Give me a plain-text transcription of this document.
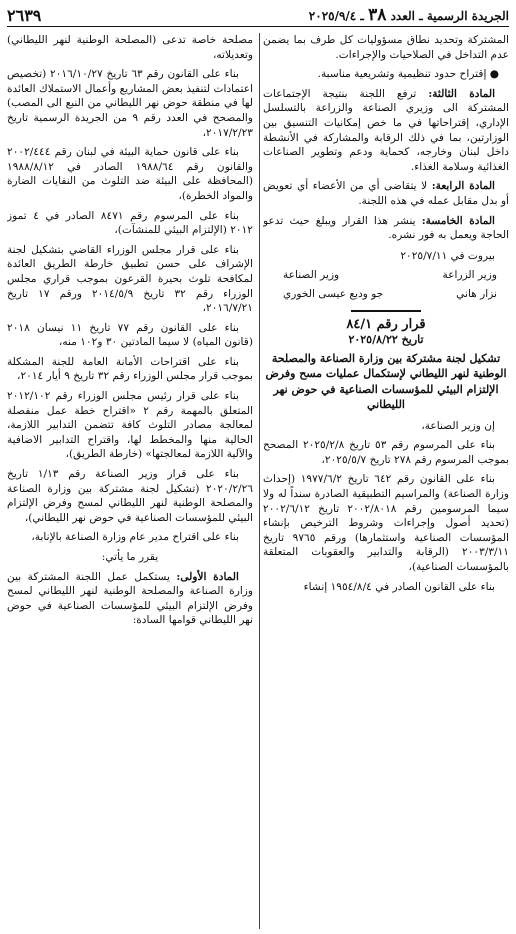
الجريدة الرسمية ـ العدد ٣٨ ـ ٢٠٢٥/٩/٤
٢٦٣٩

المشتركة وتحديد نطاق مسؤوليات كل طرف بما يضمن عدم التداخل في الصلاحيات والإجراءات.

● إقتراح حدود تنظيمية وتشريعية مناسبة.

المادة الثالثة: ترفع اللجنة بنتيجة الإجتماعات المشتركة الى وزيري الصناعة والزراعة بالتسلسل الإداري، إقتراحاتها في ما خص إمكانيات التنسيق بين الوزارتين، بما في ذلك الرقابة والمشاركة في الأنشطة داخل لبنان وخارجه، كحماية ودعم وتطوير الصناعات الغذائية وسلامة الغذاء.

المادة الرابعة: لا يتقاضى أي من الأعضاء أي تعويض أو بدل مقابل عمله في هذه اللجنة.

المادة الخامسة: ينشر هذا القرار ويبلغ حيث تدعو الحاجة ويعمل به فور نشره.

بيروت في ٢٠٢٥/٧/١١

وزير الزراعة
وزير الصناعة
نزار هاني
جو وديع عيسى الخوري
قرار رقم ٨٤/١
تاريخ ٢٠٢٥/٨/٢٢
تشكيل لجنة مشتركة بين وزارة الصناعة والمصلحة الوطنية لنهر الليطاني لإستكمال عمليات مسح وفرض الإلتزام البيئي للمؤسسات الصناعية في حوض نهر الليطاني

إن وزير الصناعة،

بناء على المرسوم رقم ٥٣ تاريخ ٢٠٢٥/٢/٨ المصحح بموجب المرسوم رقم ٢٧٨ تاريخ ٢٠٢٥/٥/٧،

بناء على القانون رقم ٦٤٢ تاريخ ١٩٧٧/٦/٢ (إحداث وزارة الصناعة) والمراسيم التطبيقية الصادرة سنداً له ولا سيما المرسومين رقم ٢٠٠٢/٨٠١٨ تاريخ ٢٠٠٢/٦/١٢ (تحديد أصول وإجراءات وشروط الترخيص بإنشاء المؤسسات الصناعية واستثمارها) ورقم ٩٧٦٥ تاريخ ٢٠٠٣/٣/١١ (الرقابة والتدابير والعقوبات المتعلقة بالمؤسسات الصناعية)،

بناء على القانون الصادر في ١٩٥٤/٨/٤ إنشاء

مصلحة خاصة تدعى (المصلحة الوطنية لنهر الليطاني) وتعديلاته،

بناء على القانون رقم ٦٣ تاريخ ٢٠١٦/١٠/٢٧ (تخصيص اعتمادات لتنفيذ بعض المشاريع وأعمال الاستملاك العائدة لها في منطقة حوض نهر الليطاني من النبع الى المصب) والمصحح في العدد رقم ٩ من الجريدة الرسمية تاريخ ٢٠١٧/٢/٢٣،

بناء على قانون حماية البيئة في لبنان رقم ٢٠٠٢/٤٤٤ والقانون رقم ١٩٨٨/٦٤ الصادر في ١٩٨٨/٨/١٢ (المحافظة على البيئة ضد التلوث من النفايات الضارة والمواد الخطرة)،

بناء على المرسوم رقم ٨٤٧١ الصادر في ٤ تموز ٢٠١٢ (الإلتزام البيئي للمنشآت)،

بناء على قرار مجلس الوزراء القاضي بتشكيل لجنة الإشراف على حسن تطبيق خارطة الطريق العائدة لمكافحة تلوث بحيرة القرعون بموجب قراري مجلس الوزراء رقم ٣٢ تاريخ ٢٠١٤/٥/٩ ورقم ١٧ تاريخ ٢٠١٦/٧/٢١،

بناء على القانون رقم ٧٧ تاريخ ١١ نيسان ٢٠١٨ (قانون المياه) لا سيما المادتين ٣٠ و١٠٢ منه،

بناء على اقتراحات الأمانة العامة للجنة المشكلة بموجب قرار مجلس الوزراء رقم ٣٢ تاريخ ٩ أيار ٢٠١٤،

بناء على قرار رئيس مجلس الوزراء رقم ٢٠١٢/١٠٢ المتعلق بالمهمة رقم ٢ «اقتراح خطة عمل منفصلة لمعالجة مصادر التلوث كافة تتضمن التدابير اللازمة، الحالية منها والمخطط لها، واقتراح التدابير الاضافية والآلية اللازمة لمعالجتها» (خارطة الطريق)،

بناء على قرار وزير الصناعة رقم ١/١٣ تاريخ ٢٠٢٠/٢/٢٦ (تشكيل لجنة مشتركة بين وزارة الصناعة والمصلحة الوطنية لنهر الليطاني لمسح وفرض الإلتزام البيئي للمؤسسات الصناعية في حوض نهر الليطاني)،

بناء على اقتراح مدير عام وزارة الصناعة بالإنابة،

يقرر ما يأتي:

المادة الأولى: يستكمل عمل اللجنة المشتركة بين وزارة الصناعة والمصلحة الوطنية لنهر الليطاني لمسح وفرض الإلتزام البيئي للمؤسسات الصناعية في حوض نهر الليطاني قوامها السادة:
